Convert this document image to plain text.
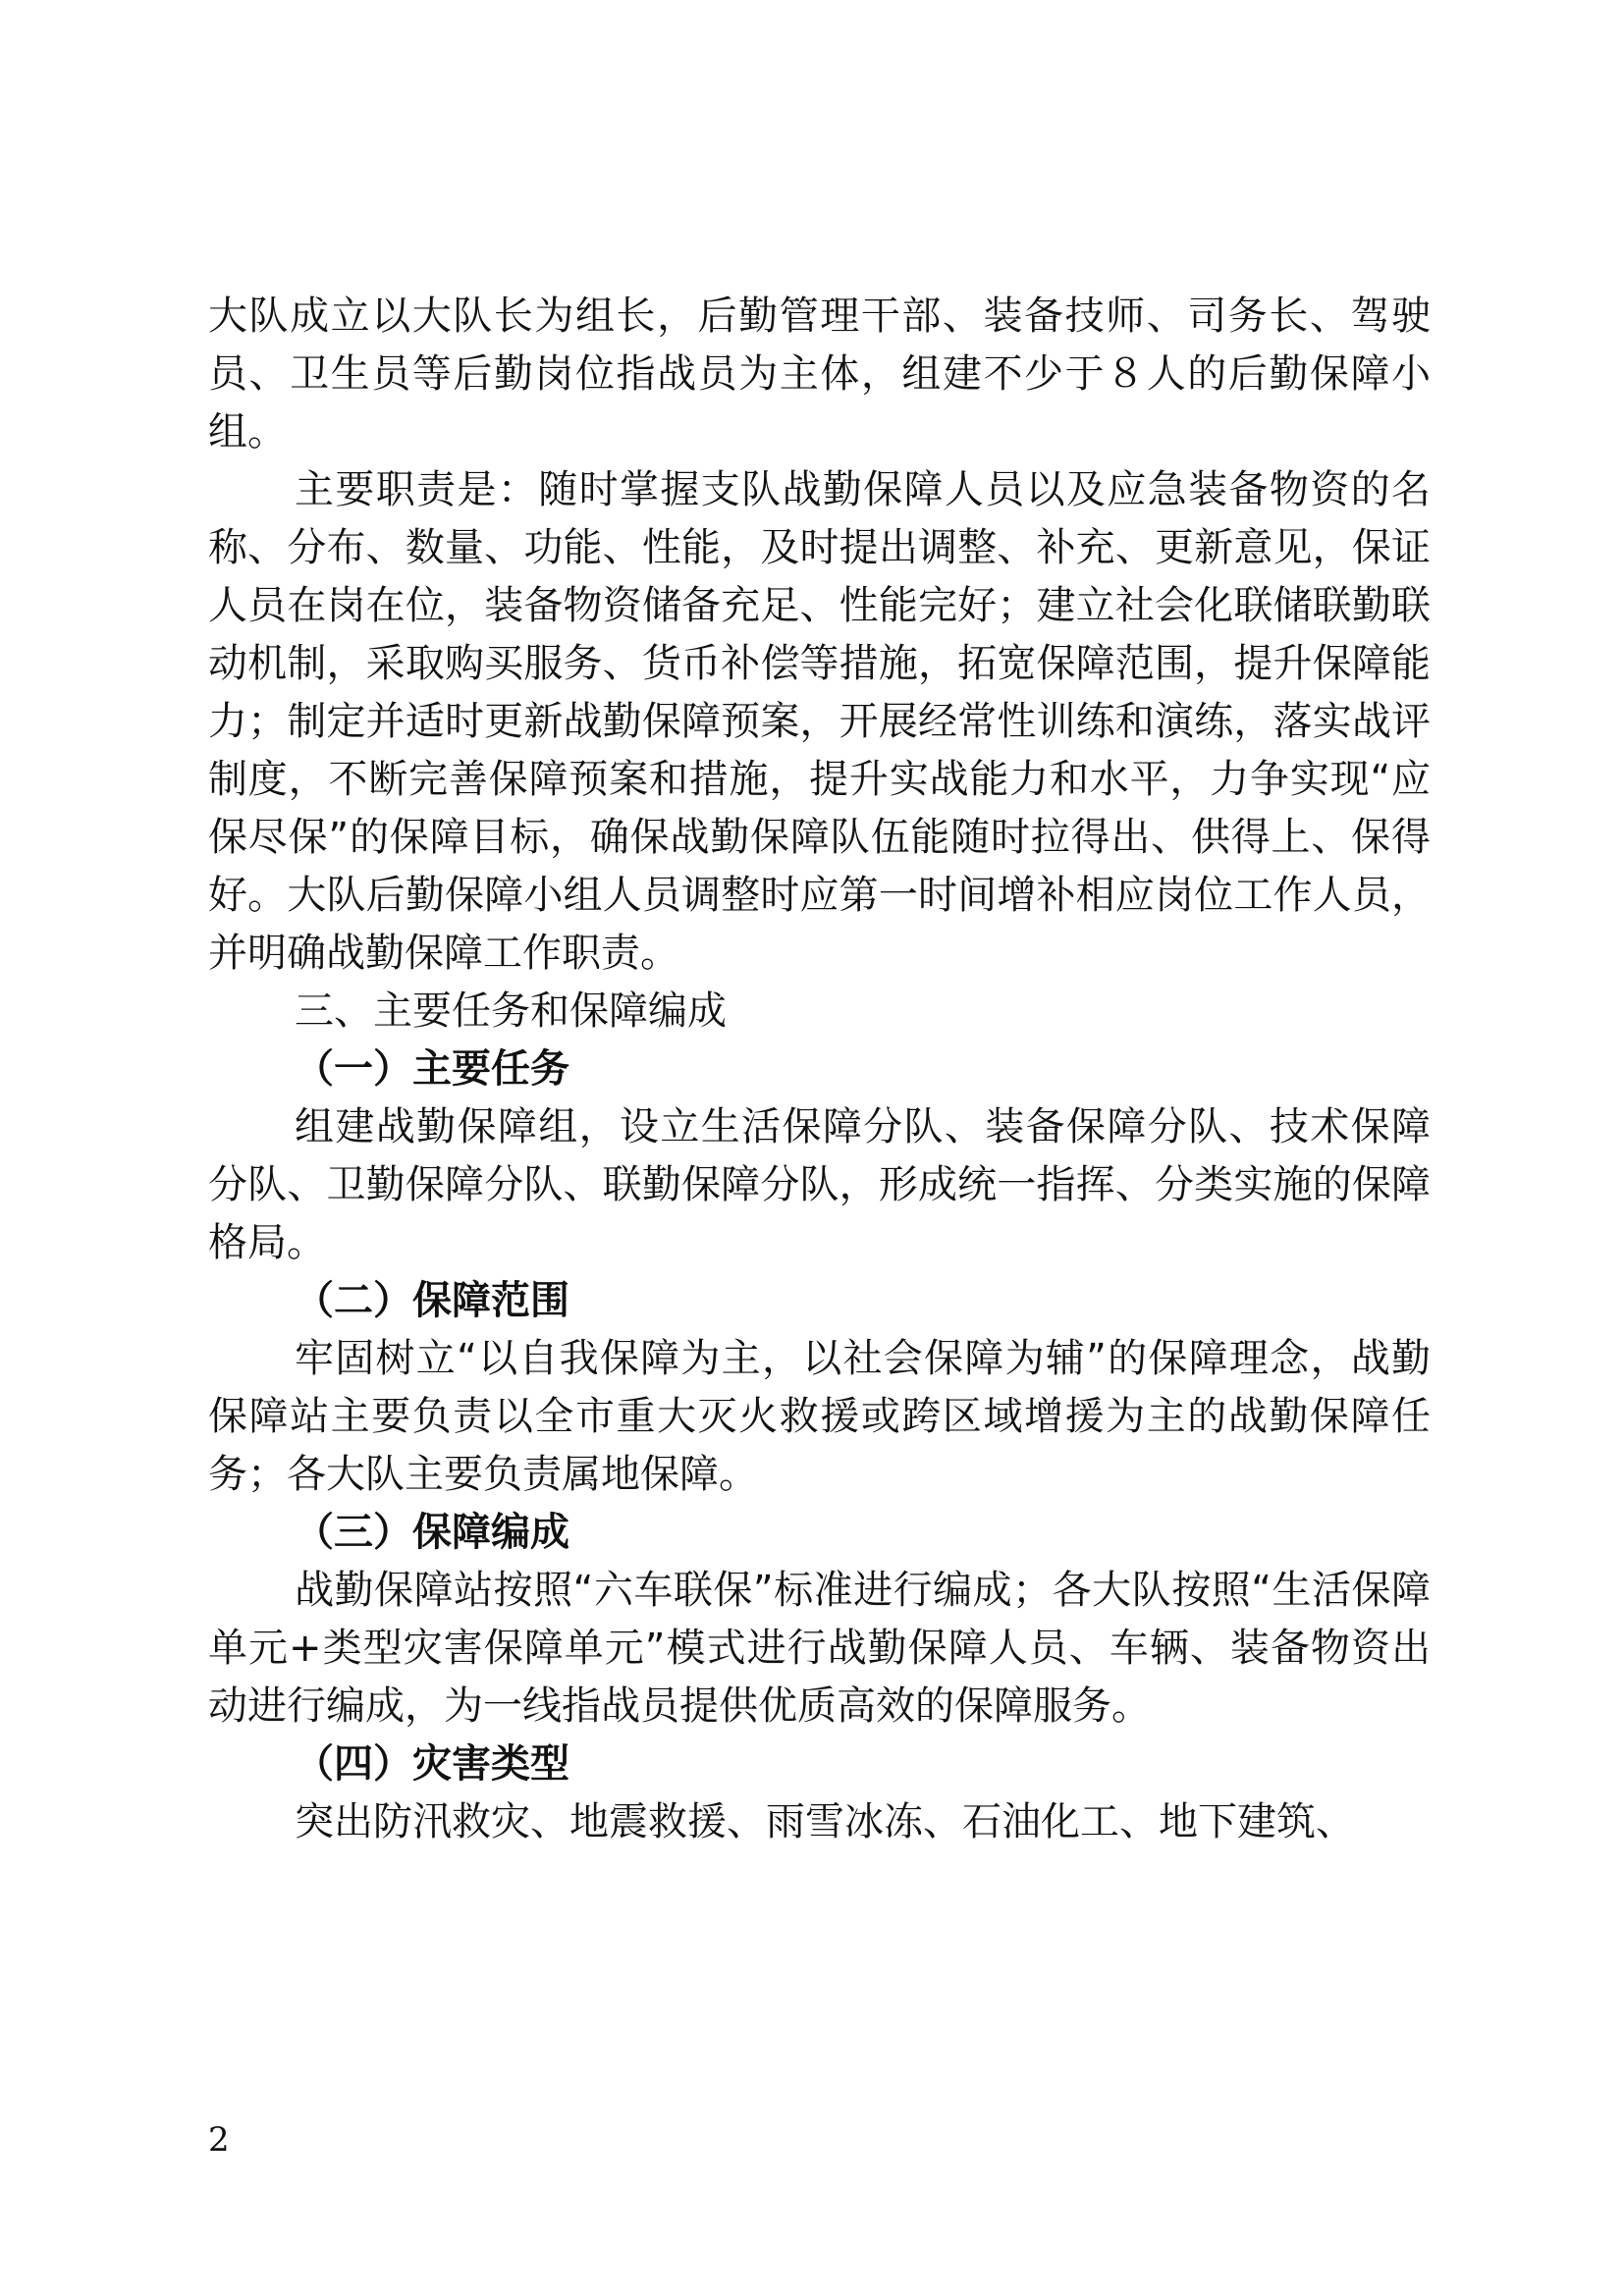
大队成立以大队长为组长，后勤管理干部、装备技师、司务长、驾驶员、卫生员等后勤岗位指战员为主体，组建不少于８人的后勤保障小组。

主要职责是：随时掌握支队战勤保障人员以及应急装备物资的名称、分布、数量、功能、性能，及时提出调整、补充、更新意见，保证人员在岗在位，装备物资储备充足、性能完好；建立社会化联储联勤联动机制，采取购买服务、货币补偿等措施，拓宽保障范围，提升保障能力；制定并适时更新战勤保障预案，开展经常性训练和演练，落实战评制度，不断完善保障预案和措施，提升实战能力和水平，力争实现“应保尽保”的保障目标，确保战勤保障队伍能随时拉得出、供得上、保得好。大队后勤保障小组人员调整时应第一时间增补相应岗位工作人员，并明确战勤保障工作职责。

三、主要任务和保障编成

（一）主要任务

组建战勤保障组，设立生活保障分队、装备保障分队、技术保障分队、卫勤保障分队、联勤保障分队，形成统一指挥、分类实施的保障格局。

（二）保障范围

牢固树立“以自我保障为主，以社会保障为辅”的保障理念，战勤保障站主要负责以全市重大灭火救援或跨区域增援为主的战勤保障任务；各大队主要负责属地保障。

（三）保障编成

战勤保障站按照“六车联保”标准进行编成；各大队按照“生活保障单元+类型灾害保障单元”模式进行战勤保障人员、车辆、装备物资出动进行编成，为一线指战员提供优质高效的保障服务。

（四）灾害类型

突出防汛救灾、地震救援、雨雪冰冻、石油化工、地下建筑、

2
